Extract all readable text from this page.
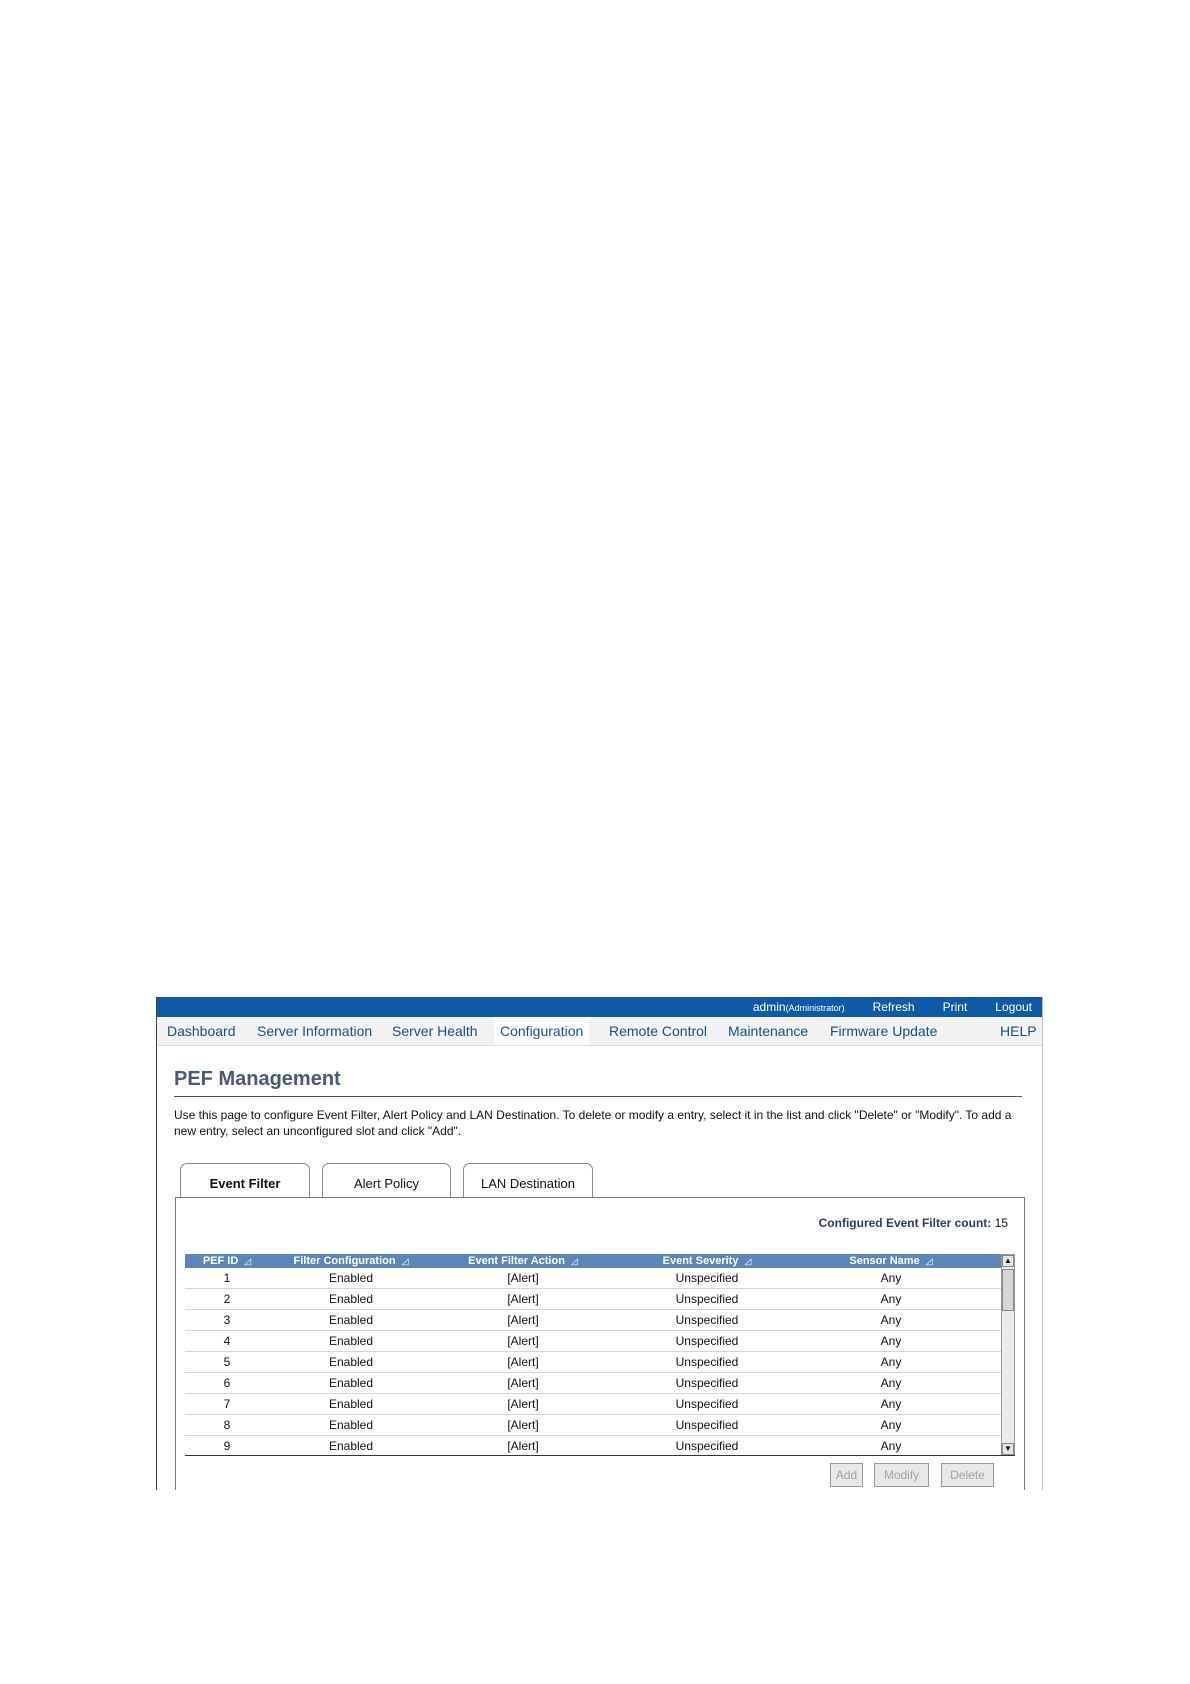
admin(Administrator) Refresh Print Logout
Dashboard Server Information Server Health	Configuration	Remote Control Maintenance Firmware Update	HELP
PEF Management
Use this page to configure Event Filter, Alert Policy and LAN Destination. To delete or modify a entry, select it in the list and click "Delete" or "Modify". To add a new entry, select an unconfigured slot and click "Add".
Event Filter	Alert Policy	LAN Destination
Configured Event Filter count: 15
PEF ID ◿	Filter Configuration ◿	Event Filter Action ◿	Event Severity ◿	Sensor Name ◿
1	Enabled	[Alert]	Unspecified	Any
2	Enabled	[Alert]	Unspecified	Any
3	Enabled	[Alert]	Unspecified	Any
4	Enabled	[Alert]	Unspecified	Any
5	Enabled	[Alert]	Unspecified	Any
6	Enabled	[Alert]	Unspecified	Any
7	Enabled	[Alert]	Unspecified	Any
8	Enabled	[Alert]	Unspecified	Any
9	Enabled	[Alert]	Unspecified	Any
▲
▼
Add	Modify	Delete
